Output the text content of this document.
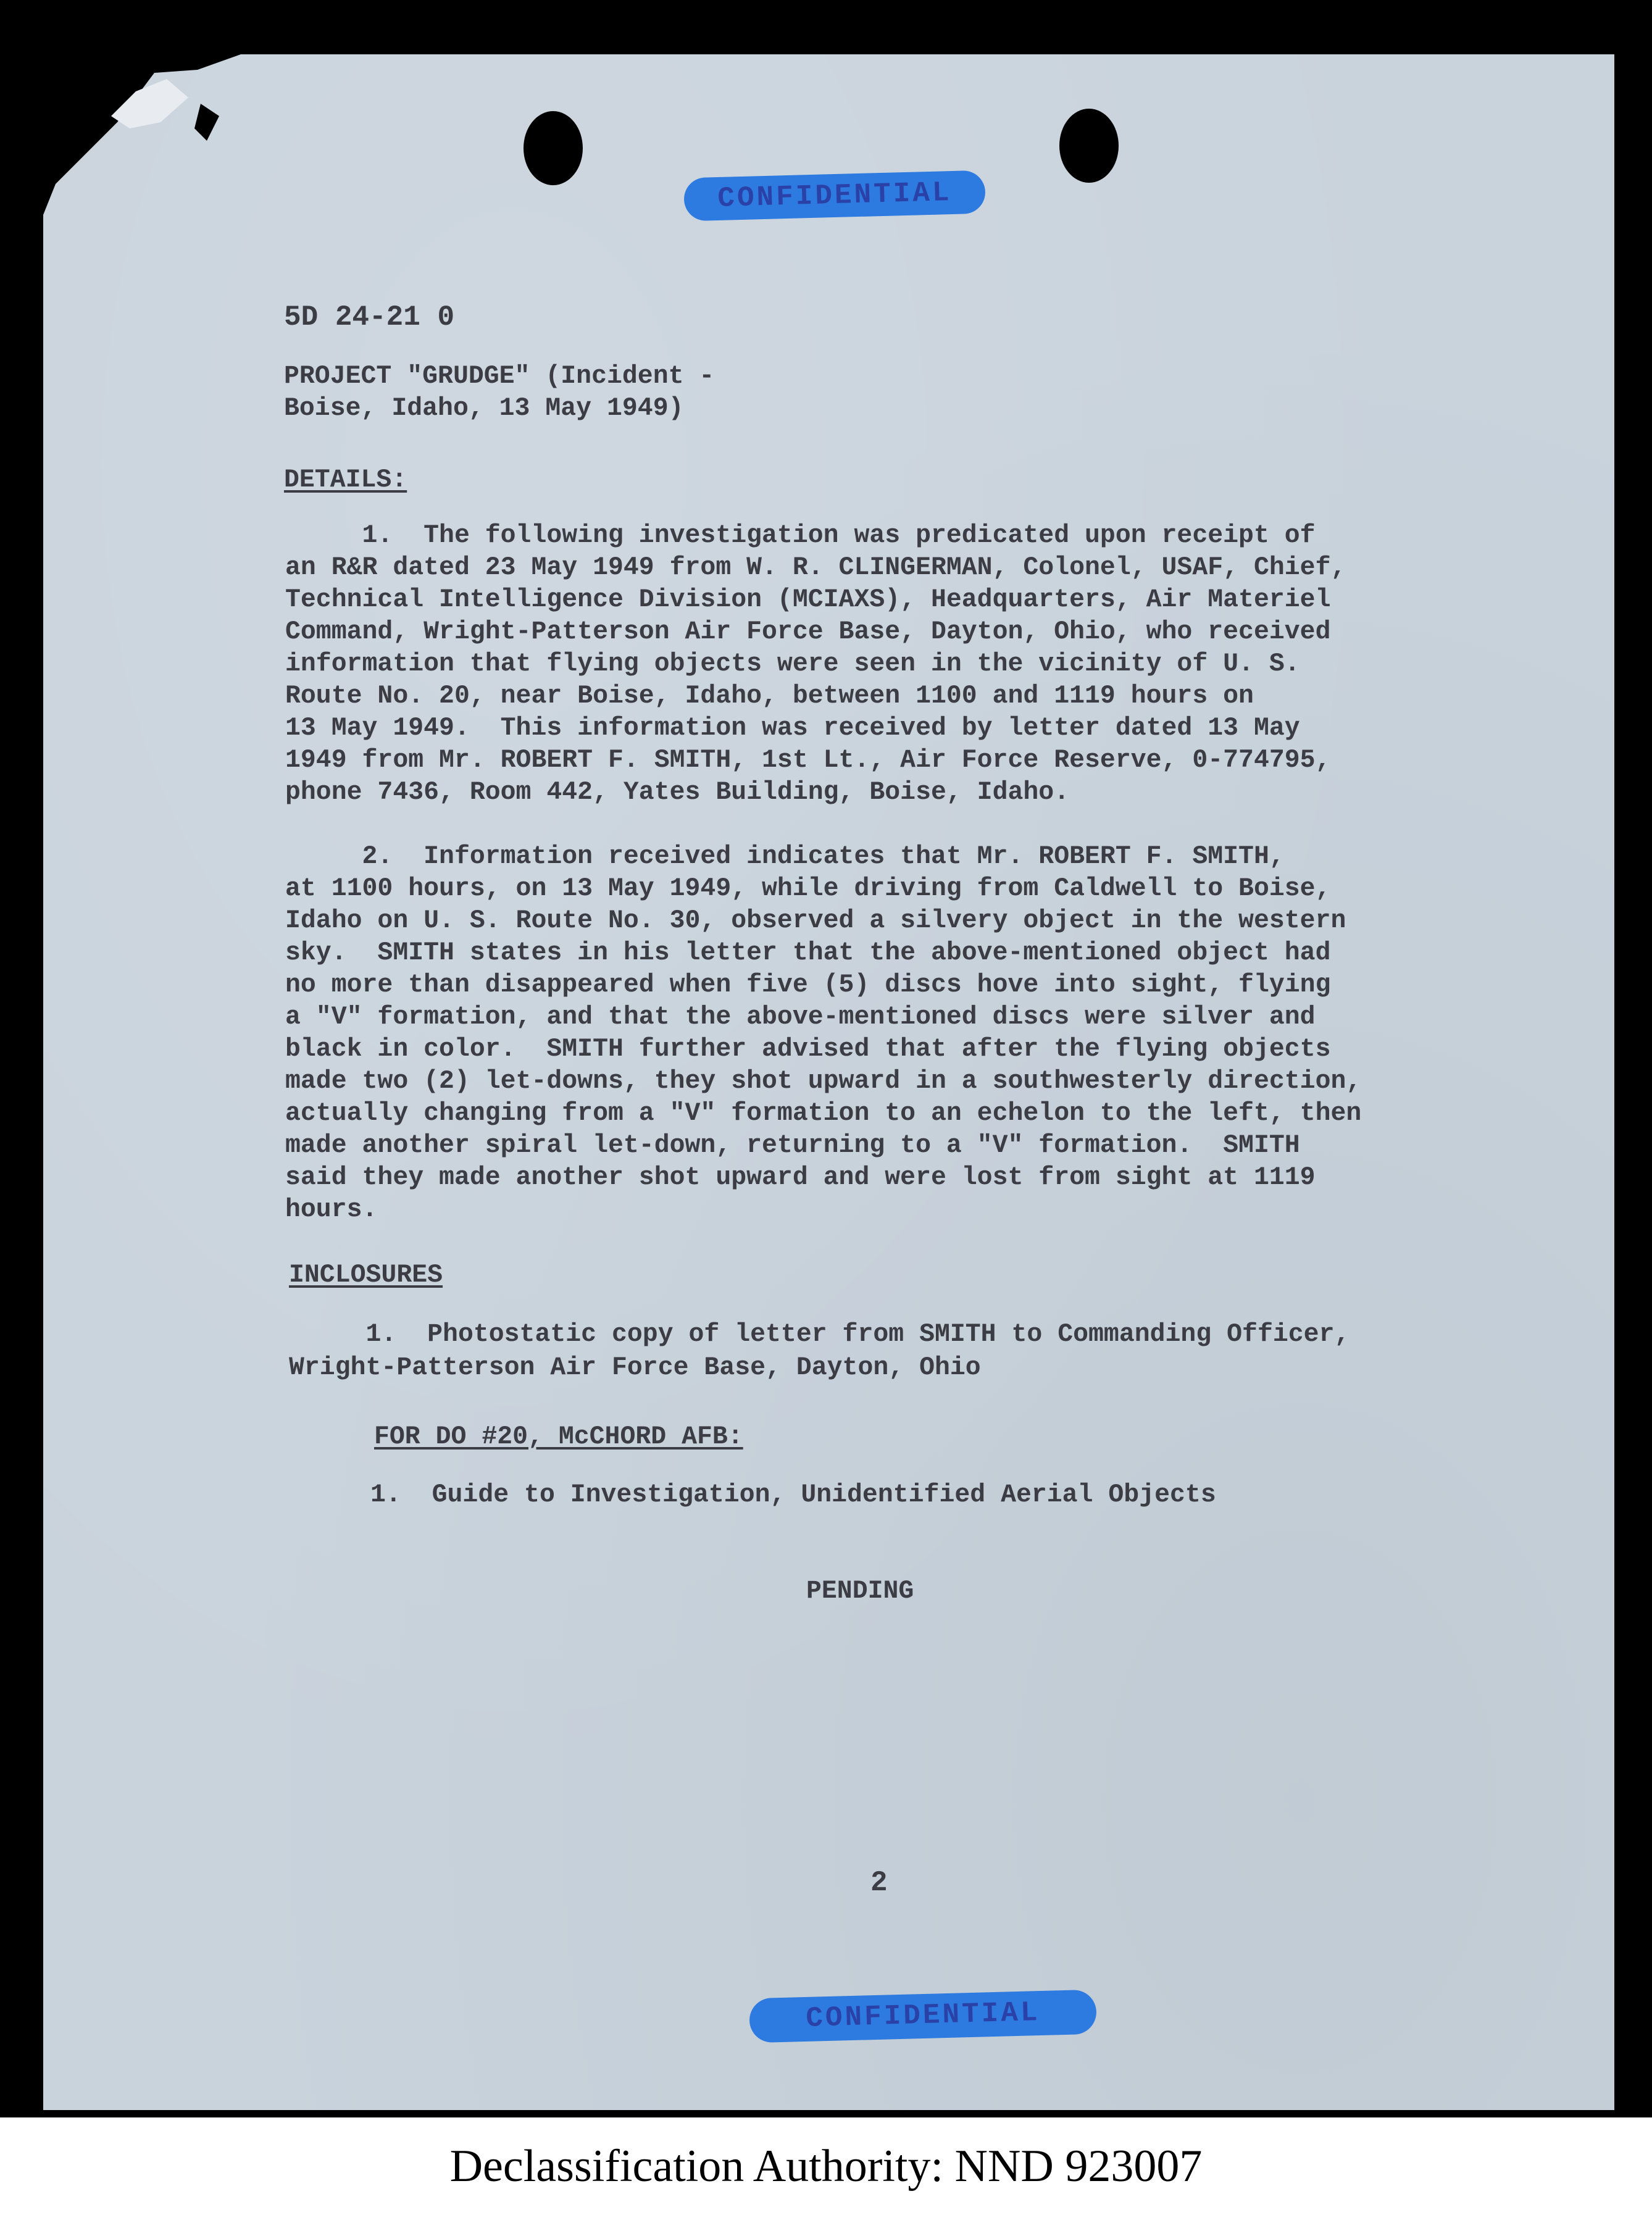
CONFIDENTIAL
CONFIDENTIAL

5D 24-21 0

PROJECT "GRUDGE" (Incident -

Boise, Idaho, 13 May 1949)

DETAILS:

1.  The following investigation was predicated upon receipt of

an R&R dated 23 May 1949 from W. R. CLINGERMAN, Colonel, USAF, Chief,

Technical Intelligence Division (MCIAXS), Headquarters, Air Materiel

Command, Wright-Patterson Air Force Base, Dayton, Ohio, who received

information that flying objects were seen in the vicinity of U. S.

Route No. 20, near Boise, Idaho, between 1100 and 1119 hours on

13 May 1949.  This information was received by letter dated 13 May

1949 from Mr. ROBERT F. SMITH, 1st Lt., Air Force Reserve, 0-774795,

phone 7436, Room 442, Yates Building, Boise, Idaho.

2.  Information received indicates that Mr. ROBERT F. SMITH,

at 1100 hours, on 13 May 1949, while driving from Caldwell to Boise,

Idaho on U. S. Route No. 30, observed a silvery object in the western

sky.  SMITH states in his letter that the above-mentioned object had

no more than disappeared when five (5) discs hove into sight, flying

a "V" formation, and that the above-mentioned discs were silver and

black in color.  SMITH further advised that after the flying objects

made two (2) let-downs, they shot upward in a southwesterly direction,

actually changing from a "V" formation to an echelon to the left, then

made another spiral let-down, returning to a "V" formation.  SMITH

said they made another shot upward and were lost from sight at 1119

hours.

INCLOSURES

1.  Photostatic copy of letter from SMITH to Commanding Officer,

Wright-Patterson Air Force Base, Dayton, Ohio

FOR DO #20, McCHORD AFB:

1.  Guide to Investigation, Unidentified Aerial Objects

PENDING

2

Declassification Authority: NND 923007
